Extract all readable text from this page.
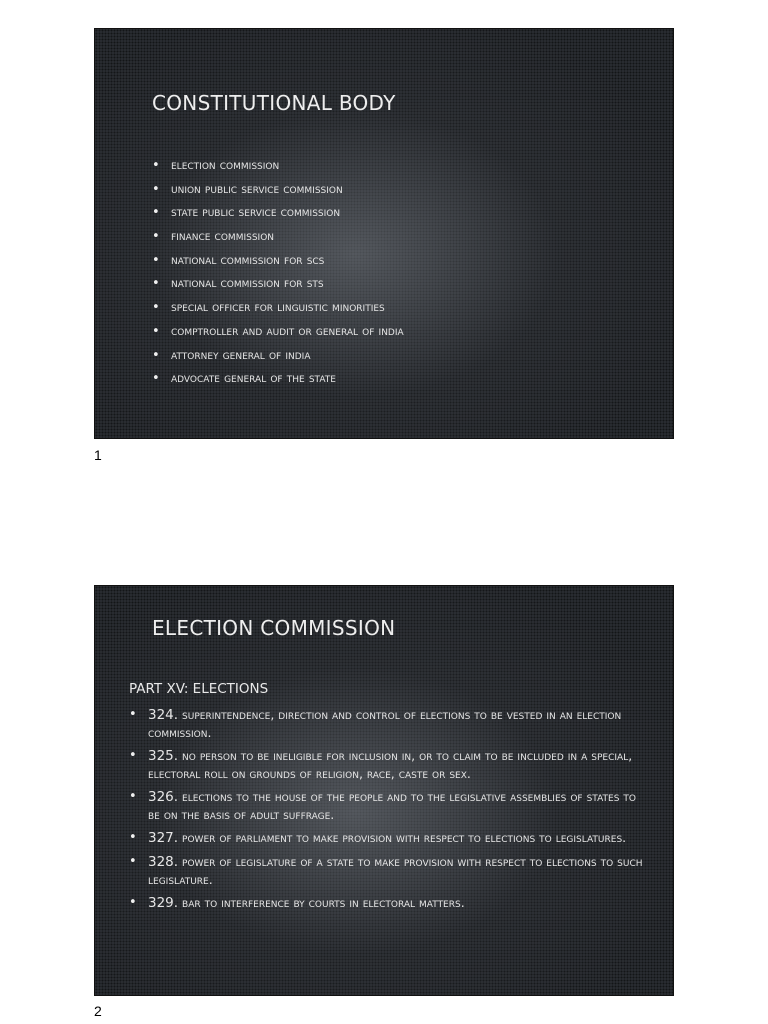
CONSTITUTIONAL BODY
• election commission
• union public service commission
• state public service commission
• finance commission
• national commission for scs
• national commission for sts
• special officer for linguistic minorities
• comptroller and audit or general of india
• attorney general of india
• advocate general of the state
1
ELECTION COMMISSION
PART XV: ELECTIONS
• 324. superintendence, direction and control of elections to be vested in an election commission.
• 325. no person to be ineligible for inclusion in, or to claim to be included in a special, electoral roll on grounds of religion, race, caste or sex.
• 326. elections to the house of the people and to the legislative assemblies of states to be on the basis of adult suffrage.
• 327. power of parliament to make provision with respect to elections to legislatures.
• 328. power of legislature of a state to make provision with respect to elections to such legislature.
• 329. bar to interference by courts in electoral matters.
2
